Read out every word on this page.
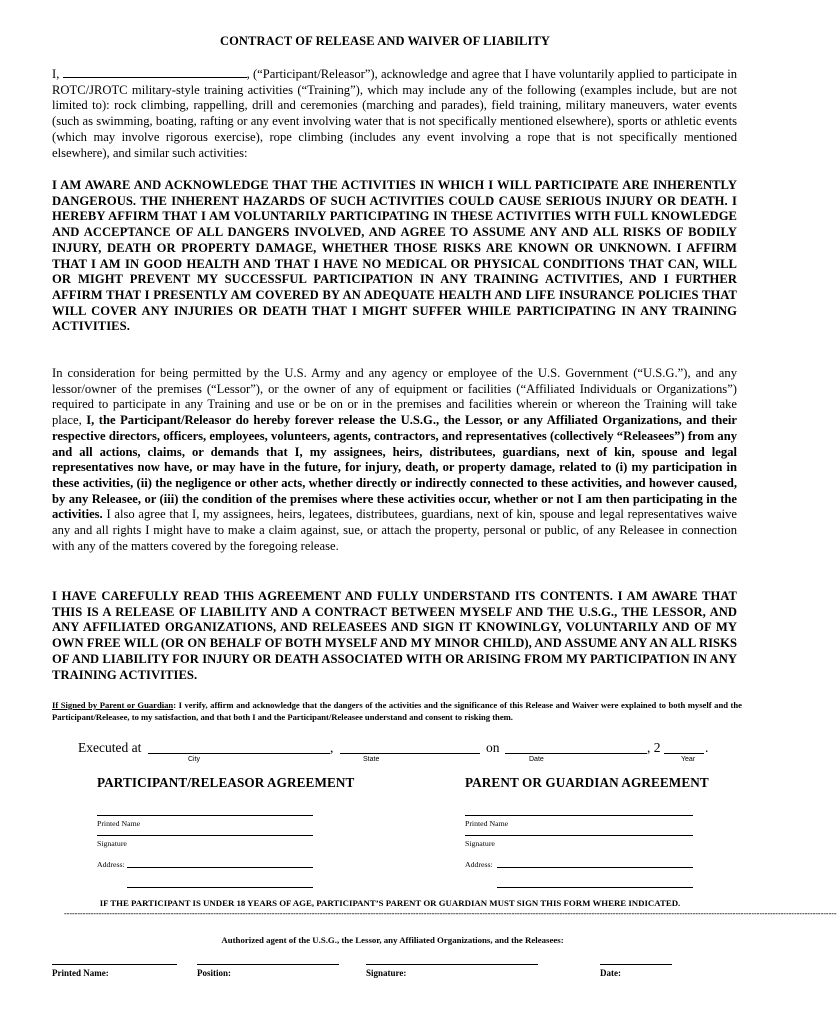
CONTRACT OF RELEASE AND WAIVER OF LIABILITY

I,	, (“Participant/Releasor”), acknowledge and agree that I have voluntarily applied to participate in ROTC/JROTC military-style training activities (“Training”), which may include any of the following (examples include, but are not limited to): rock climbing, rappelling, drill and ceremonies (marching and parades), field training, military maneuvers, water events (such as swimming, boating, rafting or any event involving water that is not specifically mentioned elsewhere), sports or athletic events (which may involve rigorous exercise), rope climbing (includes any event involving a rope that is not specifically mentioned elsewhere), and similar such activities:

I AM AWARE AND ACKNOWLEDGE THAT THE ACTIVITIES IN WHICH I WILL PARTICIPATE ARE INHERENTLY DANGEROUS. THE INHERENT HAZARDS OF SUCH ACTIVITIES COULD CAUSE SERIOUS INJURY OR DEATH. I HEREBY AFFIRM THAT I AM VOLUNTARILY PARTICIPATING IN THESE ACTIVITIES WITH FULL KNOWLEDGE AND ACCEPTANCE OF ALL DANGERS INVOLVED, AND AGREE TO ASSUME ANY AND ALL RISKS OF BODILY INJURY, DEATH OR PROPERTY DAMAGE, WHETHER THOSE RISKS ARE KNOWN OR UNKNOWN. I AFFIRM THAT I AM IN GOOD HEALTH AND THAT I HAVE NO MEDICAL OR PHYSICAL CONDITIONS THAT CAN, WILL OR MIGHT PREVENT MY SUCCESSFUL PARTICIPATION IN ANY TRAINING ACTIVITIES, AND I FURTHER AFFIRM THAT I PRESENTLY AM COVERED BY AN ADEQUATE HEALTH AND LIFE INSURANCE POLICIES THAT WILL COVER ANY INJURIES OR DEATH THAT I MIGHT SUFFER WHILE PARTICIPATING IN ANY TRAINING ACTIVITIES.

In consideration for being permitted by the U.S. Army and any agency or employee of the U.S. Government (“U.S.G.”), and any lessor/owner of the premises (“Lessor”), or the owner of any of equipment or facilities (“Affiliated Individuals or Organizations”) required to participate in any Training and use or be on or in the premises and facilities wherein or whereon the Training will take place, I, the Participant/Releasor do hereby forever release the U.S.G., the Lessor, or any Affiliated Organizations, and their respective directors, officers, employees, volunteers, agents, contractors, and representatives (collectively “Releasees”) from any and all actions, claims, or demands that I, my assignees, heirs, distributees, guardians, next of kin, spouse and legal representatives now have, or may have in the future, for injury, death, or property damage, related to (i) my participation in these activities, (ii) the negligence or other acts, whether directly or indirectly connected to these activities, and however caused, by any Releasee, or (iii) the condition of the premises where these activities occur, whether or not I am then participating in the activities. I also agree that I, my assignees, heirs, legatees, distributees, guardians, next of kin, spouse and legal representatives waive any and all rights I might have to make a claim against, sue, or attach the property, personal or public, of any Releasee in connection with any of the matters covered by the foregoing release.

I HAVE CAREFULLY READ THIS AGREEMENT AND FULLY UNDERSTAND ITS CONTENTS. I AM AWARE THAT THIS IS A RELEASE OF LIABILITY AND A CONTRACT BETWEEN MYSELF AND THE U.S.G., THE LESSOR, AND ANY AFFILIATED ORGANIZATIONS, AND RELEASEES AND SIGN IT KNOWINLGY, VOLUNTARILY AND OF MY OWN FREE WILL (OR ON BEHALF OF BOTH MYSELF AND MY MINOR CHILD), AND ASSUME ANY AN ALL RISKS OF AND LIABILITY FOR INJURY OR DEATH ASSOCIATED WITH OR ARISING FROM MY PARTICIPATION IN ANY TRAINING ACTIVITIES.
If Signed by Parent or Guardian: I verify, affirm and acknowledge that the dangers of the activities and the significance of this Release and Waiver were explained to both myself and the Participant/Releasee, to my satisfaction, and that both I and the Participant/Releasee understand and consent to risking them.
Executed at	,	on	, 2	.
City	State	Date	Year
PARTICIPANT/RELEASOR AGREEMENT	PARENT OR GUARDIAN AGREEMENT
Printed Name
Signature
Address:
Printed Name
Signature
Address:
IF THE PARTICIPANT IS UNDER 18 YEARS OF AGE, PARTICIPANT’S PARENT OR GUARDIAN MUST SIGN THIS FORM WHERE INDICATED.
--------------------------------------------------------------------------------------------------------------------------------------------------------------------------------------------------------------------------------------------------------------------------------------------------
Authorized agent of the U.S.G., the Lessor, any Affiliated Organizations, and the Releasees:
Printed Name:	Position:	Signature:	Date:
